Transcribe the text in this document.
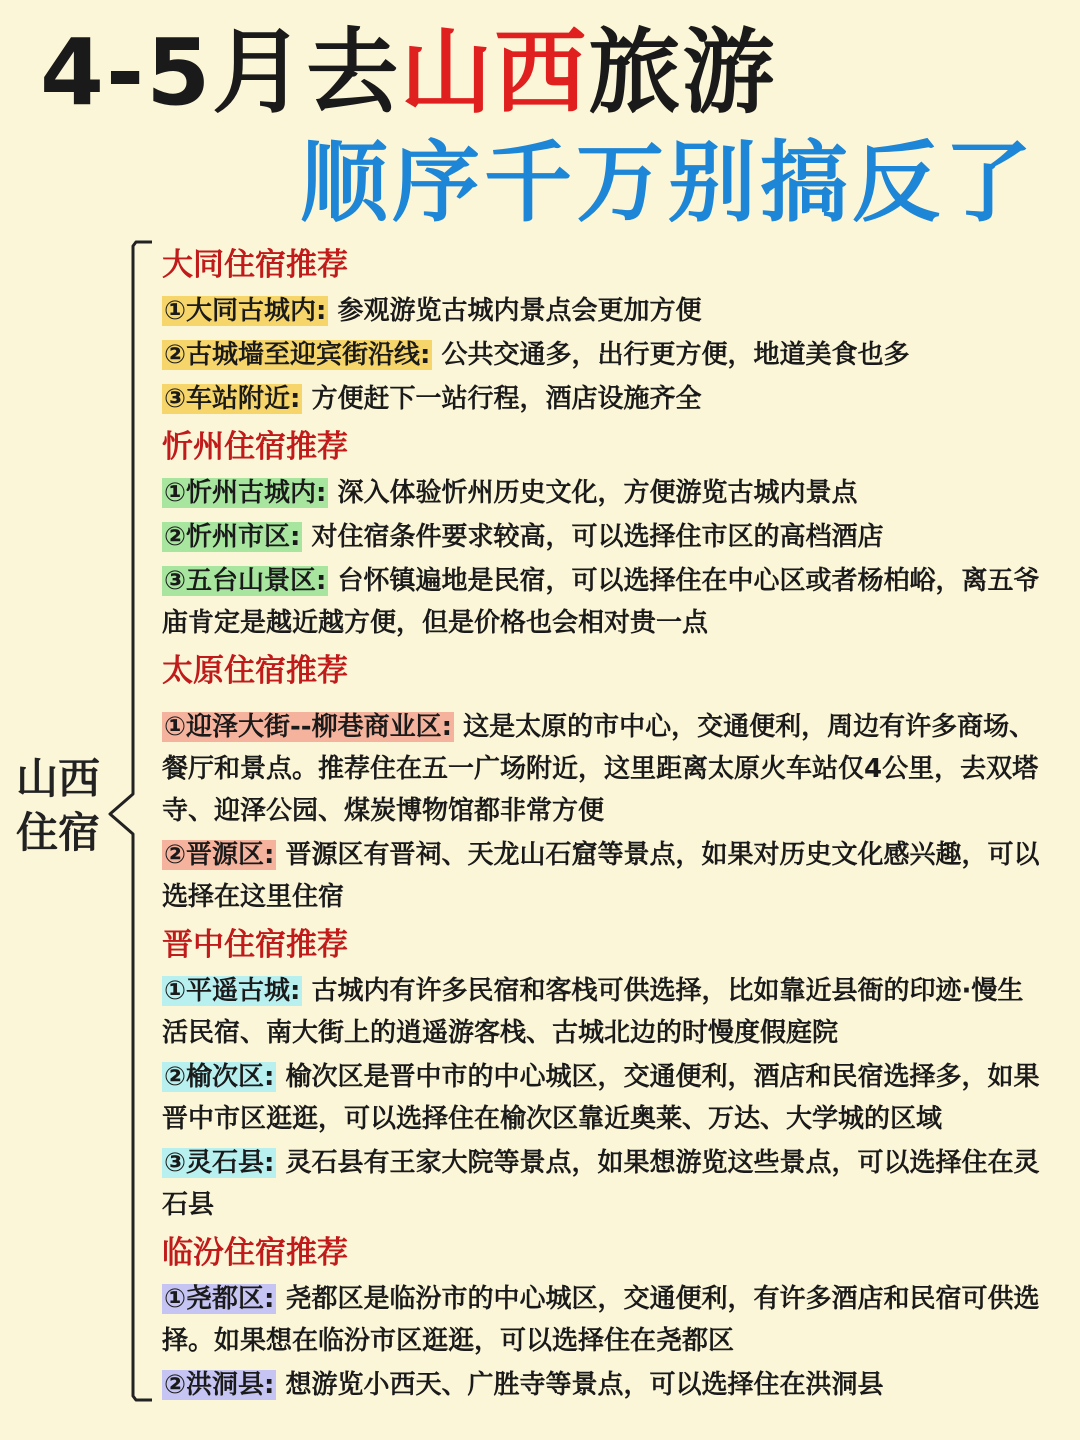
4-5月去山西旅游
顺序千万别搞反了
山西
住宿
大同住宿推荐
①大同古城内: 参观游览古城内景点会更加方便
②古城墙至迎宾街沿线: 公共交通多，出行更方便，地道美食也多
③车站附近: 方便赶下一站行程，酒店设施齐全
忻州住宿推荐
①忻州古城内: 深入体验忻州历史文化，方便游览古城内景点
②忻州市区: 对住宿条件要求较高，可以选择住市区的高档酒店
③五台山景区: 台怀镇遍地是民宿，可以选择住在中心区或者杨柏峪，离五爷庙肯定是越近越方便，但是价格也会相对贵一点
太原住宿推荐
①迎泽大街--柳巷商业区: 这是太原的市中心，交通便利，周边有许多商场、餐厅和景点。推荐住在五一广场附近，这里距离太原火车站仅4公里，去双塔寺、迎泽公园、煤炭博物馆都非常方便
②晋源区: 晋源区有晋祠、天龙山石窟等景点，如果对历史文化感兴趣，可以选择在这里住宿
晋中住宿推荐
①平遥古城: 古城内有许多民宿和客栈可供选择，比如靠近县衙的印迹·慢生活民宿、南大街上的逍遥游客栈、古城北边的时慢度假庭院
②榆次区: 榆次区是晋中市的中心城区，交通便利，酒店和民宿选择多，如果晋中市区逛逛，可以选择住在榆次区靠近奥莱、万达、大学城的区域
③灵石县: 灵石县有王家大院等景点，如果想游览这些景点，可以选择住在灵石县
临汾住宿推荐
①尧都区: 尧都区是临汾市的中心城区，交通便利，有许多酒店和民宿可供选择。如果想在临汾市区逛逛，可以选择住在尧都区
②洪洞县: 想游览小西天、广胜寺等景点，可以选择住在洪洞县
